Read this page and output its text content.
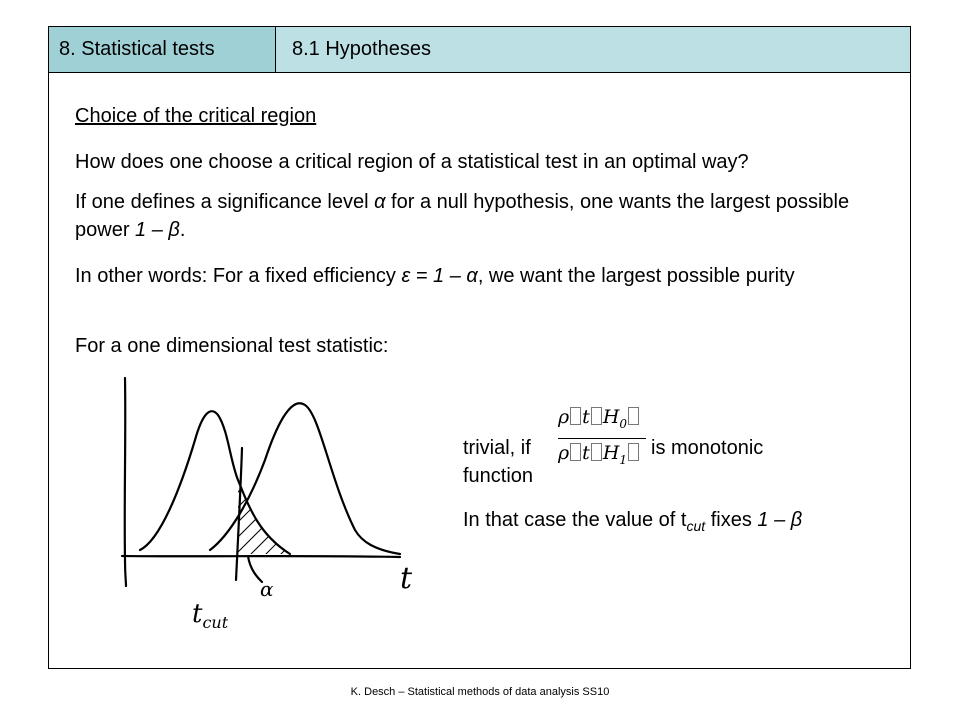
8. Statistical tests	8.1 Hypotheses
Choice of the critical region
How does one choose a critical region of a statistical test in an optimal way?
If one defines a significance level α for a null hypothesis, one wants the largest possible power 1 – β.
In other words: For a fixed efficiency ε = 1 – α, we want the largest possible purity
For a one dimensional test statistic:
t
α
$t_{cut}$
trivial, if
ρ t $H_0$
ρ t $H_1$
is monotonic
function
In that case the value of $t_{cut}$ fixes 1 – β
K. Desch – Statistical methods of data analysis SS10
